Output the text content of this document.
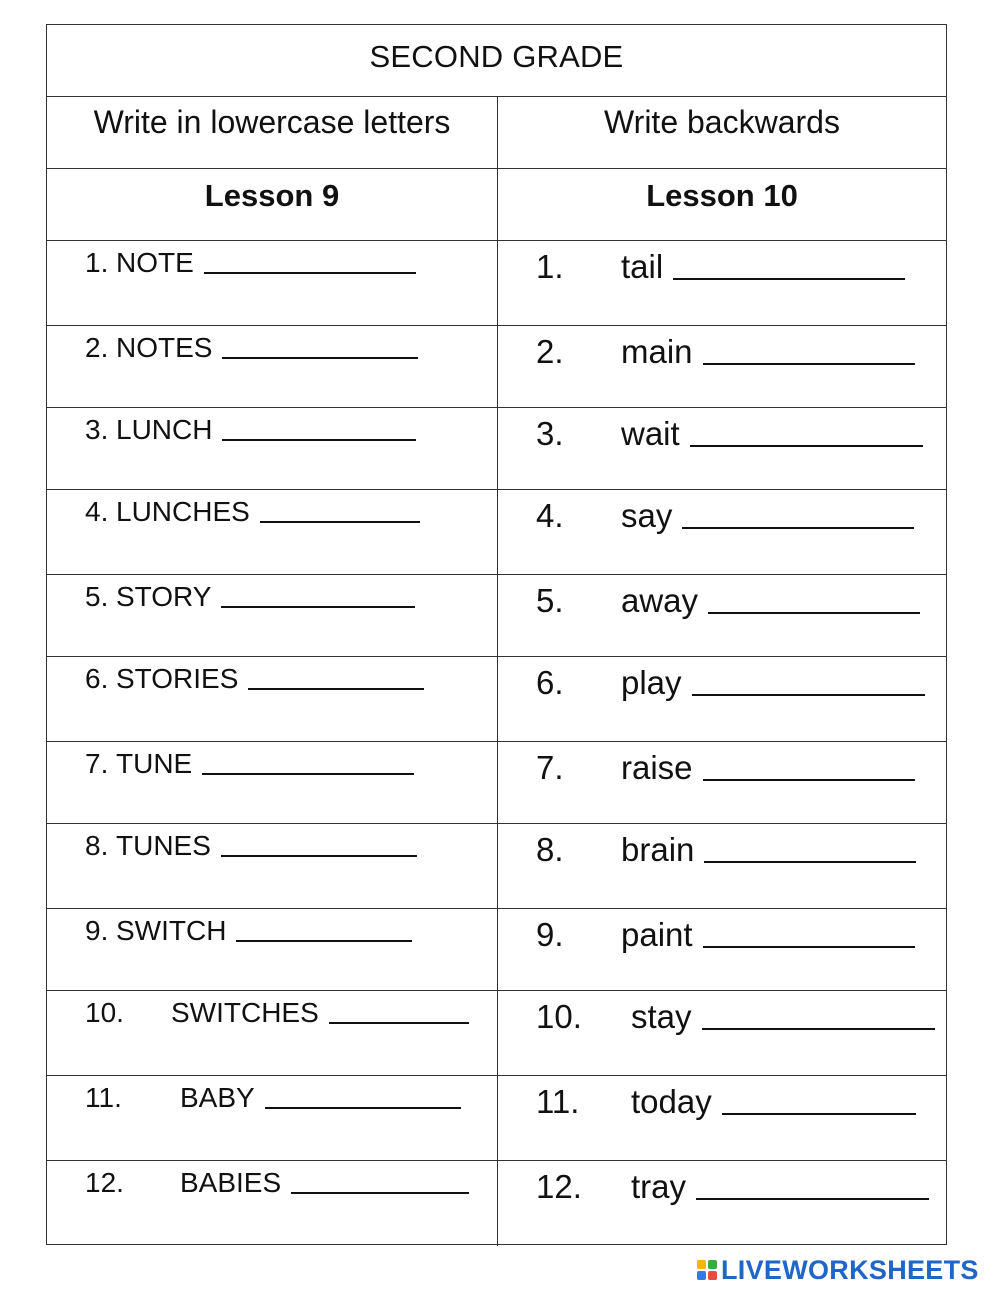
SECOND GRADE
Write in lowercase letters	Write backwards
Lesson 9	Lesson 10
1. NOTE	1. tail
2. NOTES	2. main
3. LUNCH	3. wait
4. LUNCHES	4. say
5. STORY	5. away
6. STORIES	6. play
7. TUNE	7. raise
8. TUNES	8. brain
9. SWITCH	9. paint
10. SWITCHES	10. stay
11. BABY	11. today
12. BABIES	12. tray
LIVEWORKSHEETS
